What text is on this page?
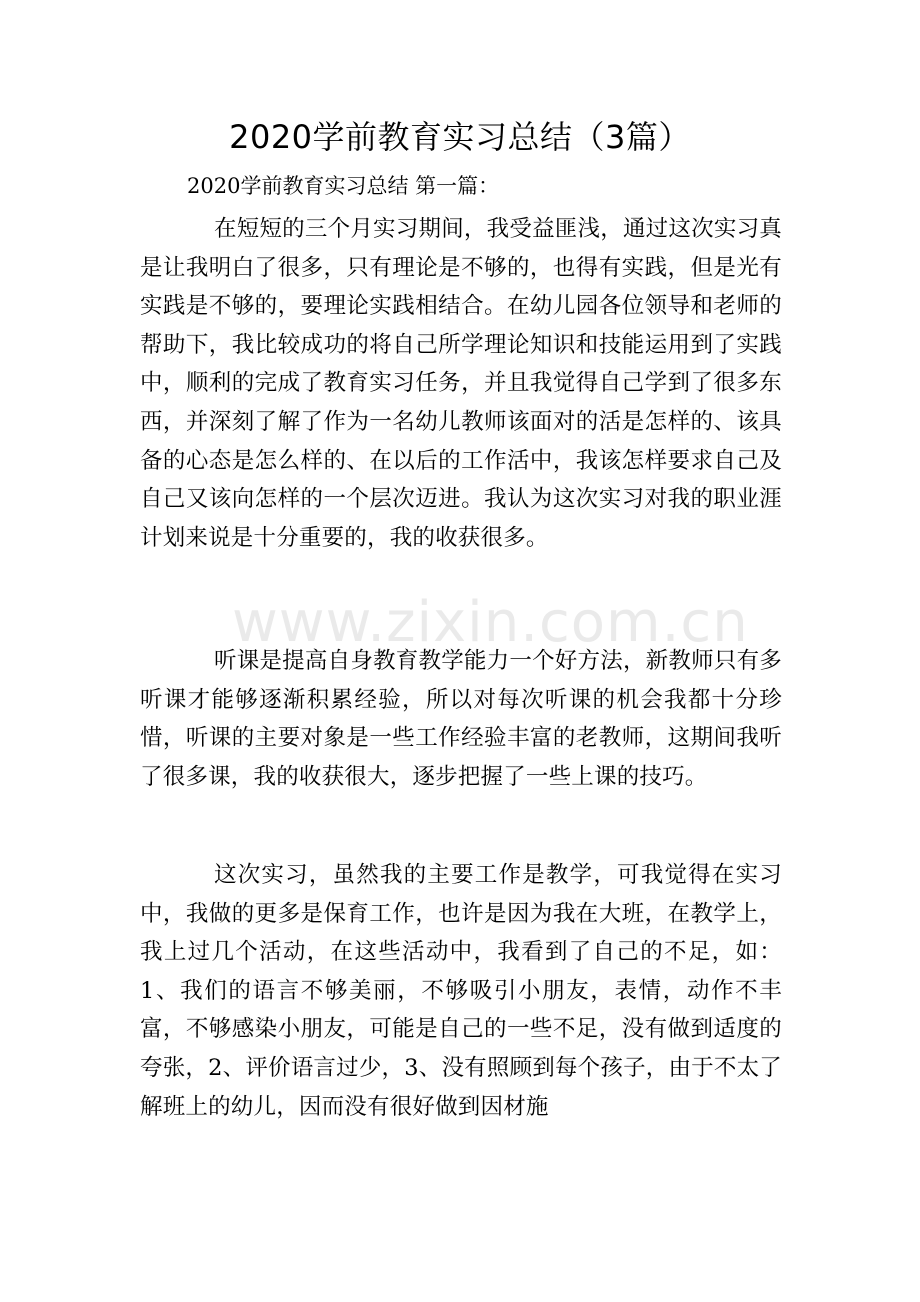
2020学前教育实习总结（3篇）

2020学前教育实习总结 第一篇：

在短短的三个月实习期间，我受益匪浅，通过这次实习真是让我明白了很多，只有理论是不够的，也得有实践，但是光有实践是不够的，要理论实践相结合。在幼儿园各位领导和老师的帮助下，我比较成功的将自己所学理论知识和技能运用到了实践中，顺利的完成了教育实习任务，并且我觉得自己学到了很多东西，并深刻了解了作为一名幼儿教师该面对的活是怎样的、该具备的心态是怎么样的、在以后的工作活中，我该怎样要求自己及自己又该向怎样的一个层次迈进。我认为这次实习对我的职业涯计划来说是十分重要的，我的收获很多。

听课是提高自身教育教学能力一个好方法，新教师只有多听课才能够逐渐积累经验，所以对每次听课的机会我都十分珍惜，听课的主要对象是一些工作经验丰富的老教师，这期间我听了很多课，我的收获很大，逐步把握了一些上课的技巧。

这次实习，虽然我的主要工作是教学，可我觉得在实习中，我做的更多是保育工作，也许是因为我在大班，在教学上，我上过几个活动，在这些活动中，我看到了自己的不足，如：1、我们的语言不够美丽，不够吸引小朋友，表情，动作不丰富，不够感染小朋友，可能是自己的一些不足，没有做到适度的夸张，2、评价语言过少，3、没有照顾到每个孩子，由于不太了解班上的幼儿，因而没有很好做到因材施

www.zixin.com.cn
